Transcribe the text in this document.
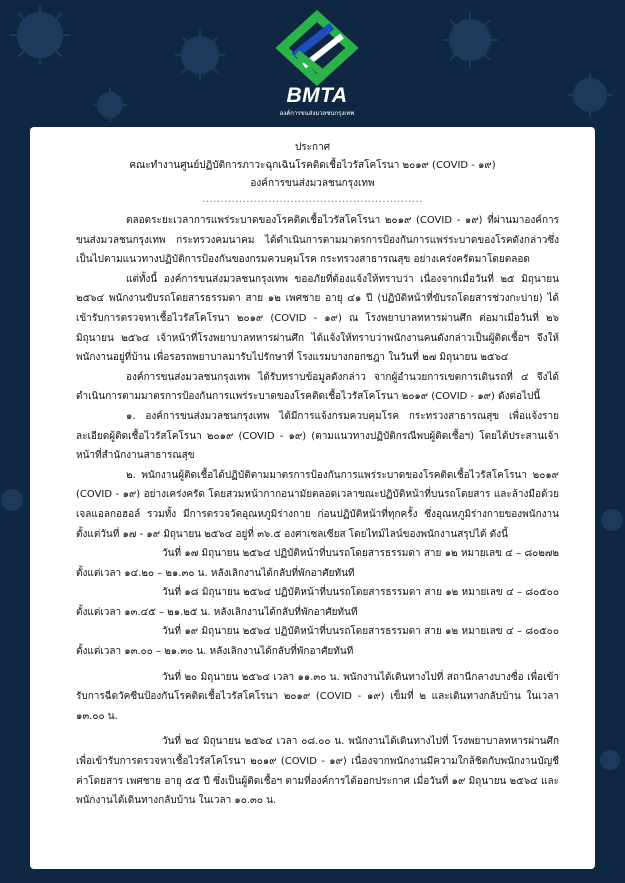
BMTA
องค์การขนส่งมวลชนกรุงเทพ
ประกาศ
คณะทำงานศูนย์ปฏิบัติการภาวะฉุกเฉินโรคติดเชื้อไวรัสโคโรนา ๒๐๑๙ (COVID - ๑๙)
องค์การขนส่งมวลชนกรุงเทพ
............................................................

ตลอดระยะเวลาการแพร่ระบาดของโรคติดเชื้อไวรัสโคโรนา ๒๐๑๙ (COVID - ๑๙) ที่ผ่านมาองค์การขนส่งมวลชนกรุงเทพ กระทรวงคมนาคม ได้ดำเนินการตามมาตรการป้องกันการแพร่ระบาดของโรคดังกล่าวซึ่งเป็นไปตามแนวทางปฏิบัติการป้องกันของกรมควบคุมโรค กระทรวงสาธารณสุข อย่างเคร่งครัดมาโดยตลอด

แต่ทั้งนี้ องค์การขนส่งมวลชนกรุงเทพ ขออภัยที่ต้องแจ้งให้ทราบว่า เนื่องจากเมื่อวันที่ ๒๕ มิถุนายน ๒๕๖๔ พนักงานขับรถโดยสารธรรมดา สาย ๑๒ เพศชาย อายุ ๔๑ ปี (ปฏิบัติหน้าที่ขับรถโดยสารช่วงกะบ่าย) ได้เข้ารับการตรวจหาเชื้อไวรัสโคโรนา ๒๐๑๙ (COVID - ๑๙) ณ โรงพยาบาลทหารผ่านศึก ต่อมาเมื่อวันที่ ๒๖ มิถุนายน ๒๕๖๔ เจ้าหน้าที่โรงพยาบาลทหารผ่านศึก ได้แจ้งให้ทราบว่าพนักงานคนดังกล่าวเป็นผู้ติดเชื้อฯ จึงให้พนักงานอยู่ที่บ้าน เพื่อรอรถพยาบาลมารับไปรักษาที่ โรงแรมบางกอกชฎา ในวันที่ ๒๗ มิถุนายน ๒๕๖๔

องค์การขนส่งมวลชนกรุงเทพ ได้รับทราบข้อมูลดังกล่าว จากผู้อำนวยการเขตการเดินรถที่ ๔ จึงได้ดำเนินการตามมาตรการป้องกันการแพร่ระบาดของโรคติดเชื้อไวรัสโคโรนา ๒๐๑๙ (COVID - ๑๙) ดังต่อไปนี้

๑. องค์การขนส่งมวลชนกรุงเทพ ได้มีการแจ้งกรมควบคุมโรค กระทรวงสาธารณสุข เพื่อแจ้งรายละเอียดผู้ติดเชื้อไวรัสโคโรนา ๒๐๑๙ (COVID - ๑๙) (ตามแนวทางปฏิบัติกรณีพบผู้ติดเชื้อฯ) โดยได้ประสานเจ้าหน้าที่สำนักงานสาธารณสุข

๒. พนักงานผู้ติดเชื้อได้ปฏิบัติตามมาตรการป้องกันการแพร่ระบาดของโรคติดเชื้อไวรัสโคโรนา ๒๐๑๙ (COVID - ๑๙) อย่างเคร่งครัด โดยสวมหน้ากากอนามัยตลอดเวลาขณะปฏิบัติหน้าที่บนรถโดยสาร และล้างมือด้วยเจลแอลกอฮอล์ รวมทั้ง มีการตรวจวัดอุณหภูมิร่างกาย ก่อนปฏิบัติหน้าที่ทุกครั้ง ซึ่งอุณหภูมิร่างกายของพนักงาน ตั้งแต่วันที่ ๑๗ - ๑๙ มิถุนายน ๒๕๖๔ อยู่ที่ ๓๖.๕ องศาเซลเซียส โดยไทม์ไลน์ของพนักงานสรุปได้ ดังนี้

วันที่ ๑๗ มิถุนายน ๒๕๖๔ ปฏิบัติหน้าที่บนรถโดยสารธรรมดา สาย ๑๒ หมายเลข ๔ – ๘๐๒๗๒ ตั้งแต่เวลา ๑๔.๒๐ – ๒๑.๓๐ น. หลังเลิกงานได้กลับที่พักอาศัยทันที

วันที่ ๑๘ มิถุนายน ๒๕๖๔ ปฏิบัติหน้าที่บนรถโดยสารธรรมดา สาย ๑๒ หมายเลข ๔ – ๘๐๕๐๐ ตั้งแต่เวลา ๑๓.๔๕ – ๒๑.๒๕ น. หลังเลิกงานได้กลับที่พักอาศัยทันที

วันที่ ๑๙ มิถุนายน ๒๕๖๔ ปฏิบัติหน้าที่บนรถโดยสารธรรมดา สาย ๑๒ หมายเลข ๔ – ๘๐๕๐๐ ตั้งแต่เวลา ๑๓.๐๐ – ๒๑.๓๐ น. หลังเลิกงานได้กลับที่พักอาศัยทันที

วันที่ ๒๐ มิถุนายน ๒๕๖๔ เวลา ๑๑.๓๐ น. พนักงานได้เดินทางไปที่ สถานีกลางบางซื่อ เพื่อเข้ารับการฉีดวัคซีนป้องกันโรคติดเชื้อไวรัสโคโรนา ๒๐๑๙ (COVID - ๑๙) เข็มที่ ๒ และเดินทางกลับบ้าน ในเวลา ๑๓.๐๐ น.

วันที่ ๒๔ มิถุนายน ๒๕๖๔ เวลา ๐๘.๐๐ น. พนักงานได้เดินทางไปที่ โรงพยาบาลทหารผ่านศึก เพื่อเข้ารับการตรวจหาเชื้อไวรัสโคโรนา ๒๐๑๙ (COVID - ๑๙) เนื่องจากพนักงานมีความใกล้ชิดกับพนักงานบัญชีค่าโดยสาร เพศชาย อายุ ๕๕ ปี ซึ่งเป็นผู้ติดเชื้อฯ ตามที่องค์การได้ออกประกาศ เมื่อวันที่ ๑๙ มิถุนายน ๒๕๖๔ และพนักงานได้เดินทางกลับบ้าน ในเวลา ๑๐.๓๐ น.
